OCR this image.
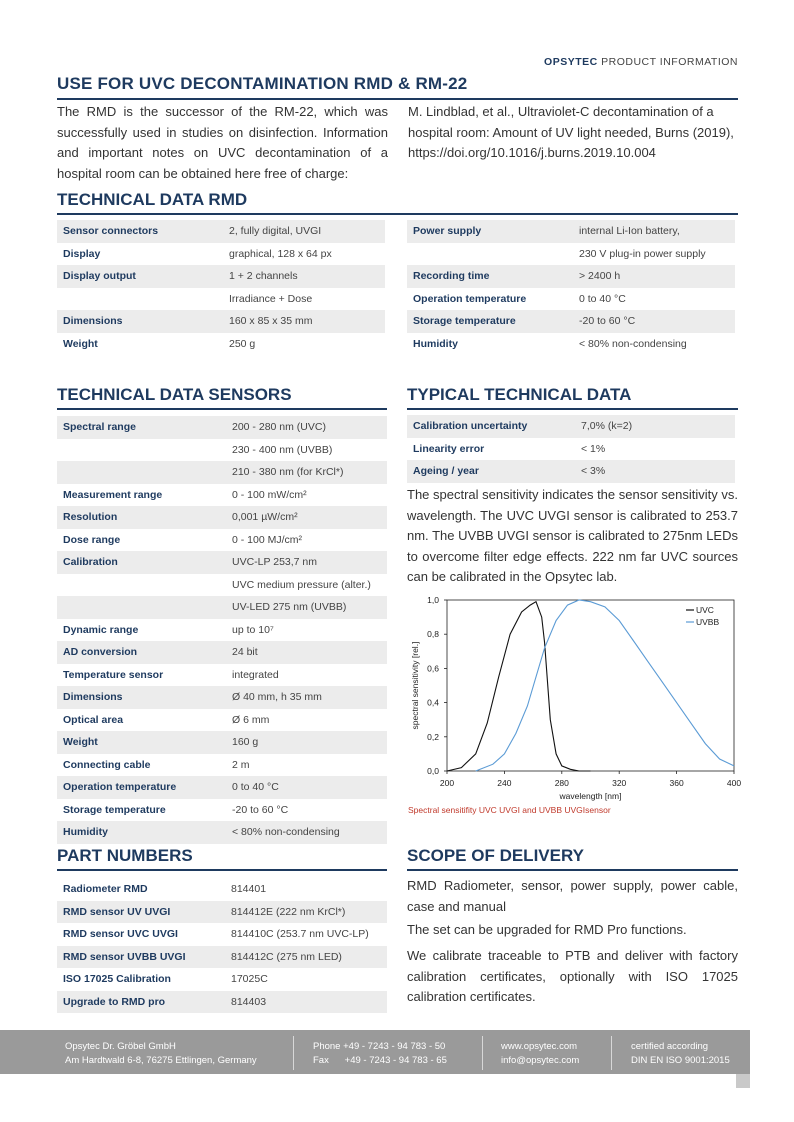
OPSYTEC PRODUCT INFORMATION
USE FOR UVC DECONTAMINATION RMD & RM-22
The RMD is the successor of the RM-22, which was successfully used in studies on disinfection. Information and important notes on UVC decontamination of a hospital room can be obtained here free of charge:
M. Lindblad, et al., Ultraviolet-C decontamination of a hospital room: Amount of UV light needed, Burns (2019), https://doi.org/10.1016/j.burns.2019.10.004
TECHNICAL DATA RMD
Sensor connectors	2, fully digital, UVGI
Display	graphical, 128 x 64 px
Display output	1 + 2 channels
	Irradiance + Dose
Dimensions	160 x 85 x 35 mm
Weight	250 g
Power supply	internal Li-Ion battery,
	230 V plug-in power supply
Recording time	> 2400 h
Operation temperature	0 to 40 °C
Storage temperature	-20 to 60 °C
Humidity	< 80% non-condensing
TECHNICAL DATA SENSORS
Spectral range	200 - 280 nm (UVC)
	230 - 400 nm (UVBB)
	210 - 380 nm (for KrCl*)
Measurement range	0 - 100 mW/cm²
Resolution	0,001 µW/cm²
Dose range	0 - 100 MJ/cm²
Calibration	UVC-LP 253,7 nm
	UVC medium pressure (alter.)
	UV-LED 275 nm (UVBB)
Dynamic range	up to 10⁷
AD conversion	24 bit
Temperature sensor	integrated
Dimensions	Ø 40 mm, h 35 mm
Optical area	Ø 6 mm
Weight	160 g
Connecting cable	2 m
Operation temperature	0 to 40 °C
Storage temperature	-20 to 60 °C
Humidity	< 80% non-condensing
TYPICAL TECHNICAL DATA
Calibration uncertainty	7,0% (k=2)
Linearity error	< 1%
Ageing / year	< 3%
The spectral sensitivity indicates the sensor sensitivity vs. wavelength. The UVC UVGI sensor is calibrated to 253.7 nm. The UVBB UVGI sensor is calibrated to 275nm LEDs to overcome filter edge effects. 222 nm far UVC sources can be calibrated in the Opsytec lab.
0,0
0,2
0,4
0,6
0,8
1,0
200	240	280	320	360	400
UVC
UVBB
wavelength [nm]
spectral sensitivity [rel.]
Spectral sensitifity UVC UVGI and UVBB UVGIsensor
PART NUMBERS
Radiometer RMD	814401
RMD sensor UV UVGI	814412E (222 nm KrCl*)
RMD sensor UVC UVGI	814410C (253.7 nm UVC-LP)
RMD sensor UVBB UVGI	814412C (275 nm LED)
ISO 17025 Calibration	17025C
Upgrade to RMD pro	814403
SCOPE OF DELIVERY
RMD Radiometer, sensor, power supply, power cable, case and manual
The set can be upgraded for RMD Pro functions.
We calibrate traceable to PTB and deliver with factory calibration certificates, optionally with ISO 17025 calibration certificates.
Opsytec Dr. Gröbel GmbH
Am Hardtwald 6-8, 76275 Ettlingen, Germany
Phone +49 - 7243 - 94 783 - 50
Fax      +49 - 7243 - 94 783 - 65
www.opsytec.com
info@opsytec.com
certified according
DIN EN ISO 9001:2015
